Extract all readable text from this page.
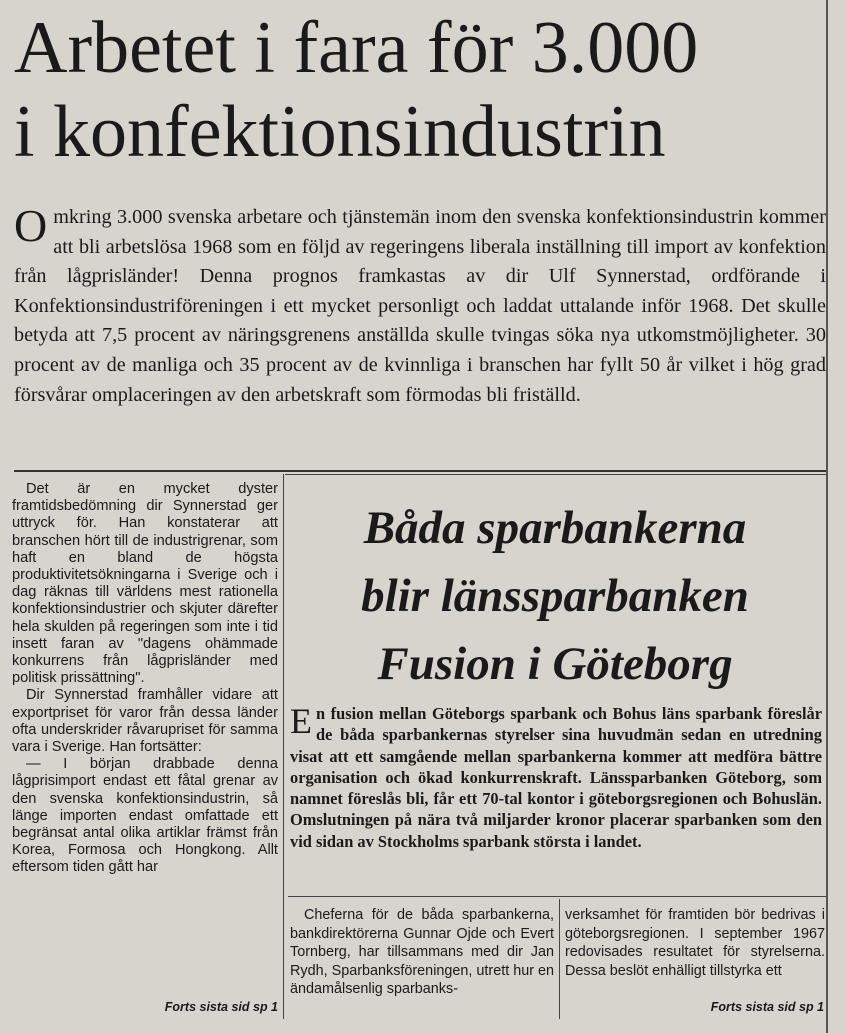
Arbetet i fara för 3.000
i konfektionsindustrin
Omkring 3.000 svenska arbetare och tjänstemän inom den svenska konfektionsindustrin kommer att bli arbetslösa 1968 som en följd av regeringens liberala inställning till import av konfektion från lågprisländer! Denna prognos framkastas av dir Ulf Synnerstad, ordförande i Konfektionsindustriföreningen i ett mycket personligt och laddat uttalande inför 1968. Det skulle betyda att 7,5 procent av näringsgrenens anställda skulle tvingas söka nya utkomstmöjligheter. 30 procent av de manliga och 35 procent av de kvinnliga i branschen har fyllt 50 år vilket i hög grad försvårar omplaceringen av den arbetskraft som förmodas bli friställd.

Det är en mycket dyster framtidsbedömning dir Synnerstad ger uttryck för. Han konstaterar att branschen hört till de industrigrenar, som haft en bland de högsta produktivitetsökningarna i Sverige och i dag räknas till världens mest rationella konfektionsindustrier och skjuter därefter hela skulden på regeringen som inte i tid insett faran av "dagens ohämmade konkurrens från lågprisländer med politisk prissättning".

Dir Synnerstad framhåller vidare att exportpriset för varor från dessa länder ofta underskrider råvarupriset för samma vara i Sverige. Han fortsätter:

— I början drabbade denna lågprisimport endast ett fåtal grenar av den svenska konfektionsindustrin, så länge importen endast omfattade ett begränsat antal olika artiklar främst från Korea, Formosa och Hongkong. Allt eftersom tiden gått har

Forts sista sid sp 1
Båda sparbankerna
blir länssparbanken
Fusion i Göteborg
En fusion mellan Göteborgs sparbank och Bohus läns sparbank föreslår de båda sparbankernas styrelser sina huvudmän sedan en utredning visat att ett samgående mellan sparbankerna kommer att medföra bättre organisation och ökad konkurrenskraft. Länssparbanken Göteborg, som namnet föreslås bli, får ett 70-tal kontor i göteborgsregionen och Bohuslän. Omslutningen på nära två miljarder kronor placerar sparbanken som den vid sidan av Stockholms sparbank största i landet.

Cheferna för de båda sparbankerna, bankdirektörerna Gunnar Ojde och Evert Tornberg, har tillsammans med dir Jan Rydh, Sparbanksföreningen, utrett hur en ändamålsenlig sparbanks-

verksamhet för framtiden bör bedrivas i göteborgsregionen. I september 1967 redovisades resultatet för styrelserna. Dessa beslöt enhälligt tillstyrka ett

Forts sista sid sp 1
